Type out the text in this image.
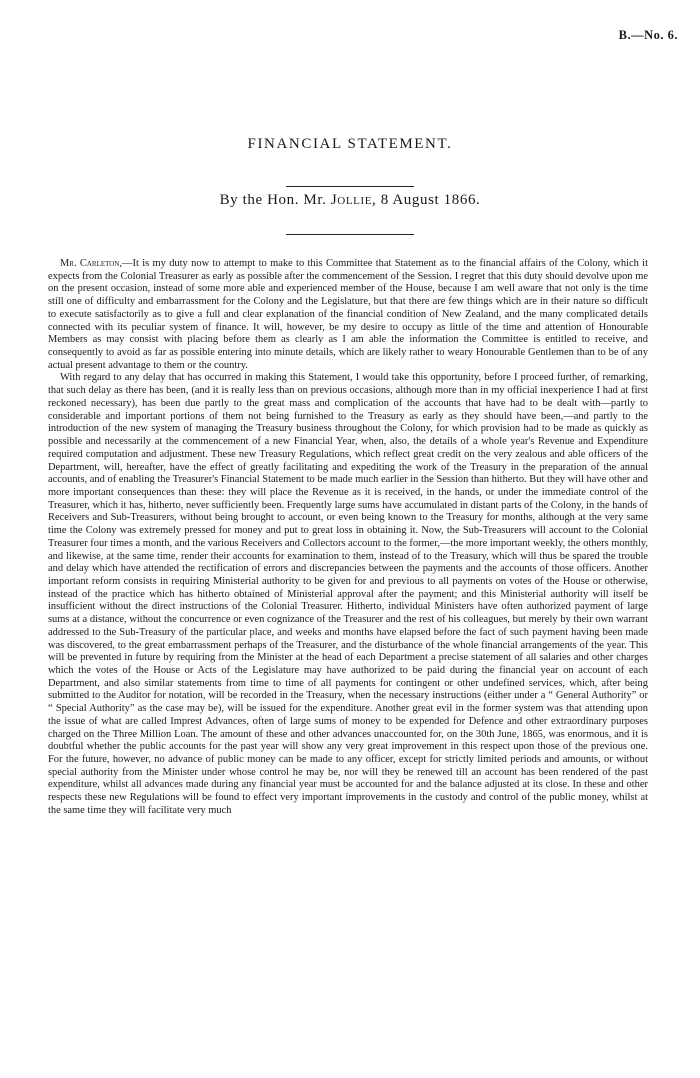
B.—No. 6.
FINANCIAL STATEMENT.
By the Hon. Mr. Jollie, 8 August 1866.

Mr. Carleton,—It is my duty now to attempt to make to this Committee that Statement as to the financial affairs of the Colony, which it expects from the Colonial Treasurer as early as possible after the commencement of the Session. I regret that this duty should devolve upon me on the present occasion, instead of some more able and experienced member of the House, because I am well aware that not only is the time still one of difficulty and embarrassment for the Colony and the Legislature, but that there are few things which are in their nature so difficult to execute satisfactorily as to give a full and clear explanation of the financial condition of New Zealand, and the many complicated details connected with its peculiar system of finance. It will, however, be my desire to occupy as little of the time and attention of Honourable Members as may consist with placing before them as clearly as I am able the information the Committee is entitled to receive, and consequently to avoid as far as possible entering into minute details, which are likely rather to weary Honourable Gentlemen than to be of any actual present advantage to them or the country.

With regard to any delay that has occurred in making this Statement, I would take this opportunity, before I proceed further, of remarking, that such delay as there has been, (and it is really less than on previous occasions, although more than in my official inexperience I had at first reckoned necessary), has been due partly to the great mass and complication of the accounts that have had to be dealt with—partly to considerable and important portions of them not being furnished to the Treasury as early as they should have been,—and partly to the introduction of the new system of managing the Treasury business throughout the Colony, for which provision had to be made as quickly as possible and necessarily at the commencement of a new Financial Year, when, also, the details of a whole year's Revenue and Expenditure required computation and adjustment. These new Treasury Regulations, which reflect great credit on the very zealous and able officers of the Department, will, hereafter, have the effect of greatly facilitating and expediting the work of the Treasury in the preparation of the annual accounts, and of enabling the Treasurer's Financial Statement to be made much earlier in the Session than hitherto. But they will have other and more important consequences than these: they will place the Revenue as it is received, in the hands, or under the immediate control of the Treasurer, which it has, hitherto, never sufficiently been. Frequently large sums have accumulated in distant parts of the Colony, in the hands of Receivers and Sub-Treasurers, without being brought to account, or even being known to the Treasury for months, although at the very same time the Colony was extremely pressed for money and put to great loss in obtaining it. Now, the Sub-Treasurers will account to the Colonial Treasurer four times a month, and the various Receivers and Collectors account to the former,—the more important weekly, the others monthly, and likewise, at the same time, render their accounts for examination to them, instead of to the Treasury, which will thus be spared the trouble and delay which have attended the rectification of errors and discrepancies between the payments and the accounts of those officers. Another important reform consists in requiring Ministerial authority to be given for and previous to all payments on votes of the House or otherwise, instead of the practice which has hitherto obtained of Ministerial approval after the payment; and this Ministerial authority will itself be insufficient without the direct instructions of the Colonial Treasurer. Hitherto, individual Ministers have often authorized payment of large sums at a distance, without the concurrence or even cognizance of the Treasurer and the rest of his colleagues, but merely by their own warrant addressed to the Sub-Treasury of the particular place, and weeks and months have elapsed before the fact of such payment having been made was discovered, to the great embarrassment perhaps of the Treasurer, and the disturbance of the whole financial arrangements of the year. This will be prevented in future by requiring from the Minister at the head of each Department a precise statement of all salaries and other charges which the votes of the House or Acts of the Legislature may have authorized to be paid during the financial year on account of each Department, and also similar statements from time to time of all payments for contingent or other undefined services, which, after being submitted to the Auditor for notation, will be recorded in the Treasury, when the necessary instructions (either under a “ General Authority” or “ Special Authority” as the case may be), will be issued for the expenditure. Another great evil in the former system was that attending upon the issue of what are called Imprest Advances, often of large sums of money to be expended for Defence and other extraordinary purposes charged on the Three Million Loan. The amount of these and other advances unaccounted for, on the 30th June, 1865, was enormous, and it is doubtful whether the public accounts for the past year will show any very great improvement in this respect upon those of the previous one. For the future, however, no advance of public money can be made to any officer, except for strictly limited periods and amounts, or without special authority from the Minister under whose control he may be, nor will they be renewed till an account has been rendered of the past expenditure, whilst all advances made during any financial year must be accounted for and the balance adjusted at its close. In these and other respects these new Regulations will be found to effect very important improvements in the custody and control of the public money, whilst at the same time they will facilitate very much
